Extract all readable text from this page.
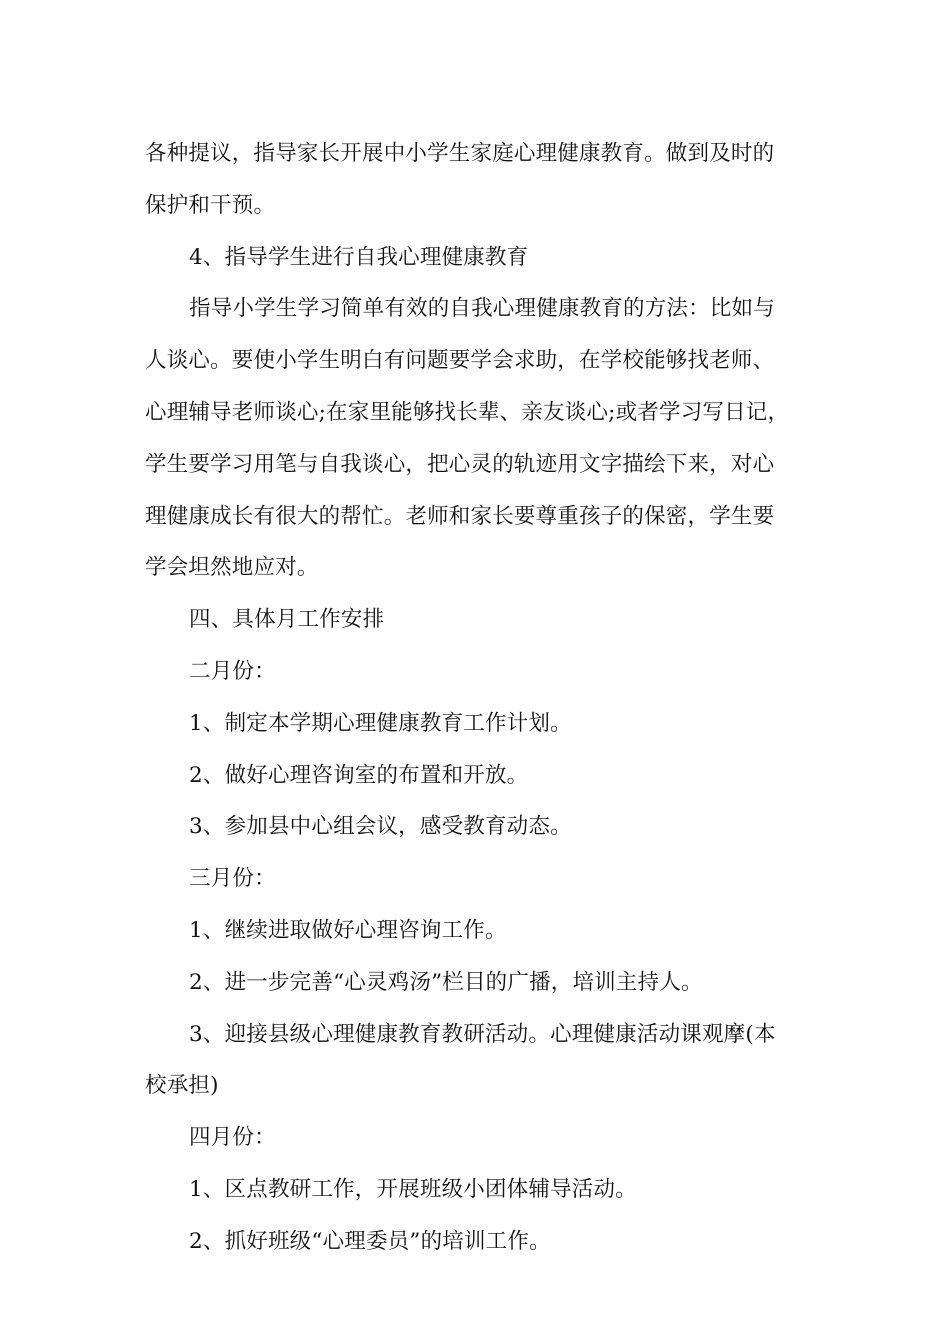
各种提议，指导家长开展中小学生家庭心理健康教育。做到及时的
保护和干预。
4、指导学生进行自我心理健康教育
指导小学生学习简单有效的自我心理健康教育的方法：比如与
人谈心。要使小学生明白有问题要学会求助，在学校能够找老师、
心理辅导老师谈心;在家里能够找长辈、亲友谈心;或者学习写日记，
学生要学习用笔与自我谈心，把心灵的轨迹用文字描绘下来，对心
理健康成长有很大的帮忙。老师和家长要尊重孩子的保密，学生要
学会坦然地应对。
四、具体月工作安排
二月份：
1、制定本学期心理健康教育工作计划。
2、做好心理咨询室的布置和开放。
3、参加县中心组会议，感受教育动态。
三月份：
1、继续进取做好心理咨询工作。
2、进一步完善“心灵鸡汤”栏目的广播，培训主持人。
3、迎接县级心理健康教育教研活动。心理健康活动课观摩(本
校承担)
四月份：
1、区点教研工作，开展班级小团体辅导活动。
2、抓好班级“心理委员”的培训工作。
